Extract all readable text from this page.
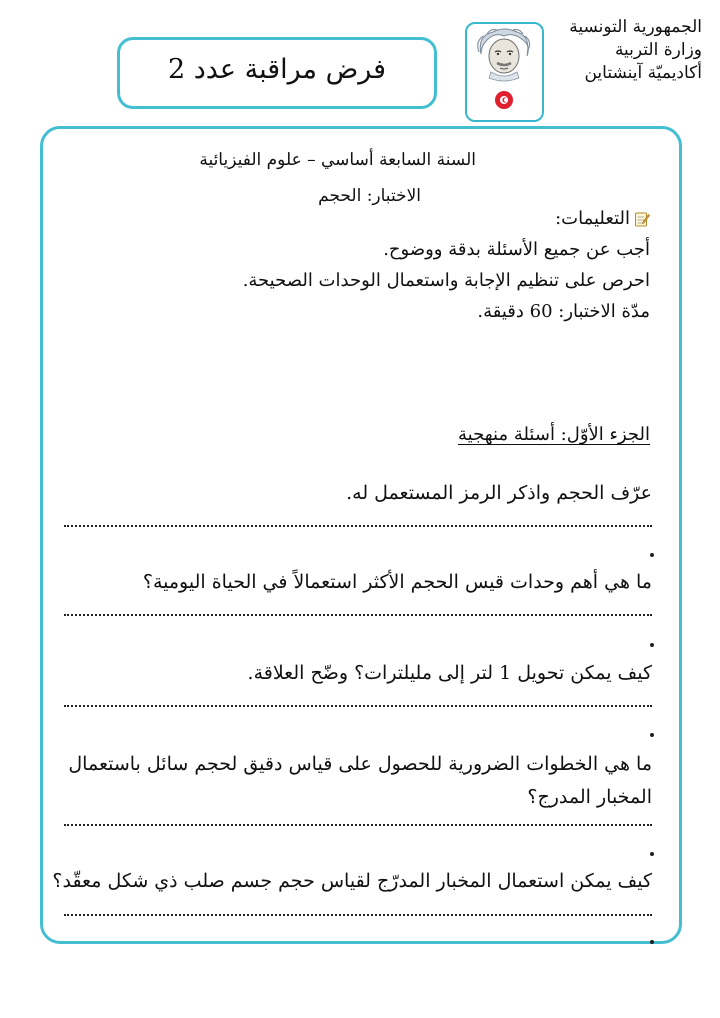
الجمهورية التونسية
وزارة التربية
أكاديميّة آينشتاين
فرض مراقبة عدد 2
السنة السابعة أساسي – علوم الفيزيائية
الاختبار: الحجم
التعليمات:
أجب عن جميع الأسئلة بدقة ووضوح.
احرص على تنظيم الإجابة واستعمال الوحدات الصحيحة.
مدّة الاختبار: 60 دقيقة.
الجزء الأوّل: أسئلة منهجية
عرّف الحجم واذكر الرمز المستعمل له.
ما هي أهم وحدات قيس الحجم الأكثر استعمالاً في الحياة اليومية؟
كيف يمكن تحويل 1 لتر إلى مليلترات؟ وضّح العلاقة.
ما هي الخطوات الضرورية للحصول على قياس دقيق لحجم سائل باستعمال المخبار المدرج؟
كيف يمكن استعمال المخبار المدرّج لقياس حجم جسم صلب ذي شكل معقّد؟
